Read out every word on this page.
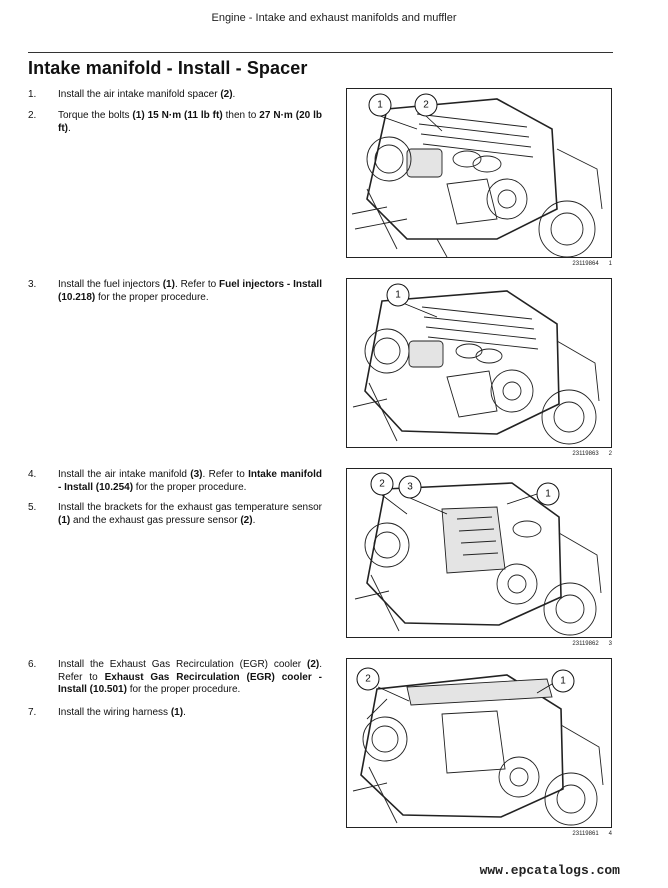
Engine - Intake and exhaust manifolds and muffler
Intake manifold - Install - Spacer
1.	Install the air intake manifold spacer (2).
2.	Torque the bolts (1) 15 N·m (11 lb ft) then to 27 N·m (20 lb ft).
3.	Install the fuel injectors (1). Refer to Fuel injectors - Install (10.218) for the proper procedure.
4.	Install the air intake manifold (3). Refer to Intake manifold - Install (10.254) for the proper procedure.
5.	Install the brackets for the exhaust gas temperature sensor (1) and the exhaust gas pressure sensor (2).
6.	Install the Exhaust Gas Recirculation (EGR) cooler (2). Refer to Exhaust Gas Recirculation (EGR) cooler - Install (10.501) for the proper procedure.
7.	Install the wiring harness (1).
1	2
23119864 1
1
23119863 2
2 3
1
23119862 3
2	1
23119861 4
www.epcatalogs.com
